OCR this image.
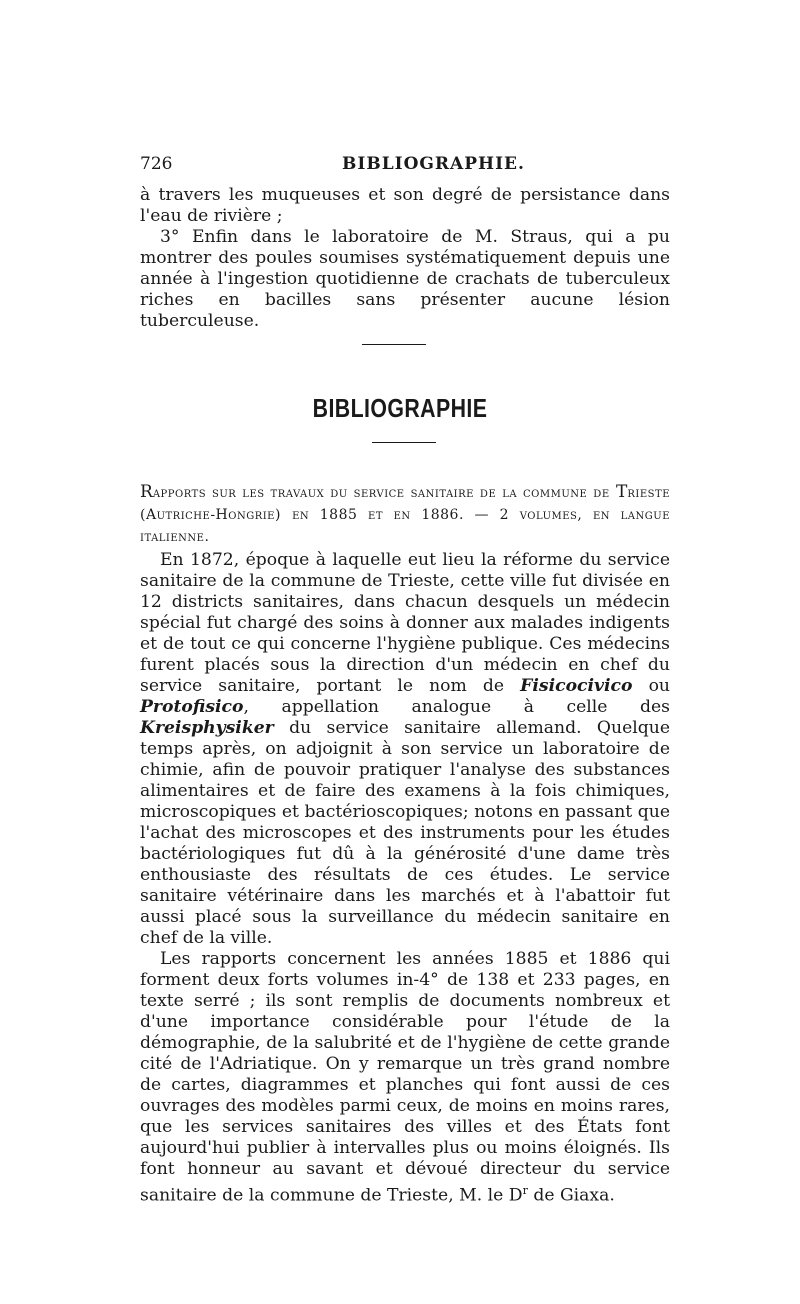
726	BIBLIOGRAPHIE.

à travers les muqueuses et son degré de persistance dans l'eau de rivière ;

3° Enfin dans le laboratoire de M. Straus, qui a pu montrer des poules soumises systématiquement depuis une année à l'ingestion quotidienne de crachats de tuberculeux riches en bacilles sans présenter aucune lésion tuberculeuse.

BIBLIOGRAPHIE

Rapports sur les travaux du service sanitaire de la commune de Trieste (Autriche-Hongrie) en 1885 et en 1886. — 2 volumes, en langue italienne.

En 1872, époque à laquelle eut lieu la réforme du service sanitaire de la commune de Trieste, cette ville fut divisée en 12 districts sanitaires, dans chacun desquels un médecin spécial fut chargé des soins à donner aux malades indigents et de tout ce qui concerne l'hygiène publique. Ces médecins furent placés sous la direction d'un médecin en chef du service sanitaire, portant le nom de Fisicocivico ou Protofisico, appellation analogue à celle des Kreisphysiker du service sanitaire allemand. Quelque temps après, on adjoignit à son service un laboratoire de chimie, afin de pouvoir pratiquer l'analyse des substances alimentaires et de faire des examens à la fois chimiques, microscopiques et bactérioscopiques; notons en passant que l'achat des microscopes et des instruments pour les études bactériologiques fut dû à la générosité d'une dame très enthousiaste des résultats de ces études. Le service sanitaire vétérinaire dans les marchés et à l'abattoir fut aussi placé sous la surveillance du médecin sanitaire en chef de la ville.

Les rapports concernent les années 1885 et 1886 qui forment deux forts volumes in-4° de 138 et 233 pages, en texte serré ; ils sont remplis de documents nombreux et d'une importance considérable pour l'étude de la démographie, de la salubrité et de l'hygiène de cette grande cité de l'Adriatique. On y remarque un très grand nombre de cartes, diagrammes et planches qui font aussi de ces ouvrages des modèles parmi ceux, de moins en moins rares, que les services sanitaires des villes et des États font aujourd'hui publier à intervalles plus ou moins éloignés. Ils font honneur au savant et dévoué directeur du service sanitaire de la commune de Trieste, M. le $D^r$ de Giaxa.
